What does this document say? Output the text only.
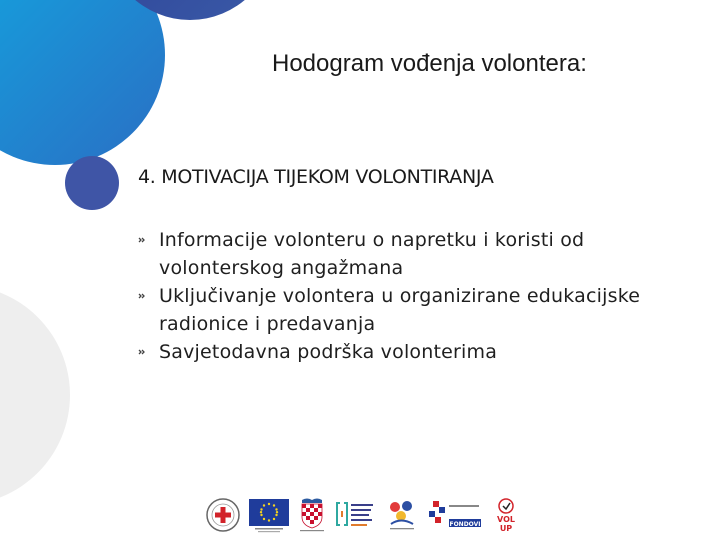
Hodogram vođenja volontera:
4. MOTIVACIJA TIJEKOM VOLONTIRANJA
Informacije volonteru o napretku i koristi od volonterskog angažmana
Uključivanje volontera u organizirane edukacijske radionice i predavanja
Savjetodavna podrška volonterima
FONDOVI
VOL
UP
